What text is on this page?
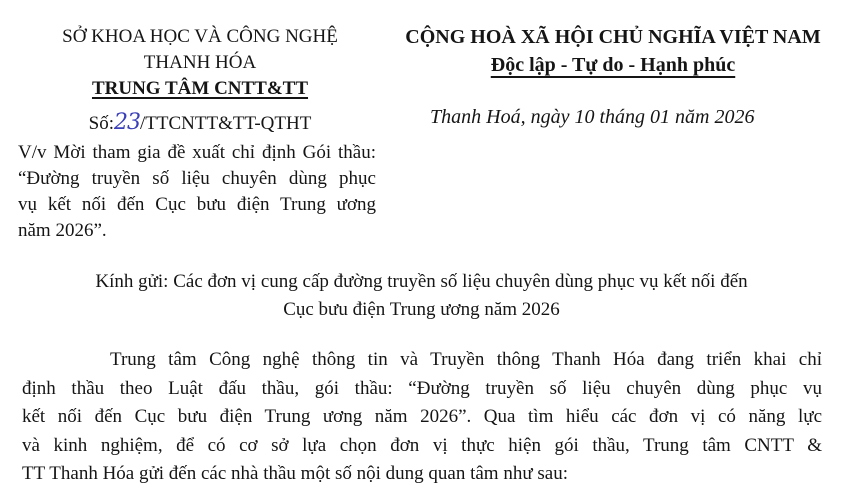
SỞ KHOA HỌC VÀ CÔNG NGHỆ
THANH HÓA
TRUNG TÂM CNTT&TT
Số:23/TTCNTT&TT-QTHT
CỘNG HOÀ XÃ HỘI CHỦ NGHĨA VIỆT NAM
Độc lập - Tự do - Hạnh phúc
Thanh Hoá, ngày 10 tháng 01 năm 2026
V/v Mời tham gia đề xuất chỉ định Gói thầu:
“Đường truyền số liệu chuyên dùng phục
vụ kết nối đến Cục bưu điện Trung ương
năm 2026”.
Kính gửi: Các đơn vị cung cấp đường truyền số liệu chuyên dùng phục vụ kết nối đến
Cục bưu điện Trung ương năm 2026
Trung tâm Công nghệ thông tin và Truyền thông Thanh Hóa đang triển khai chỉ
định thầu theo Luật đấu thầu, gói thầu: “Đường truyền số liệu chuyên dùng phục vụ
kết nối đến Cục bưu điện Trung ương năm 2026”. Qua tìm hiểu các đơn vị có năng lực
và kinh nghiệm, để có cơ sở lựa chọn đơn vị thực hiện gói thầu, Trung tâm CNTT &
TT Thanh Hóa gửi đến các nhà thầu một số nội dung quan tâm như sau:
